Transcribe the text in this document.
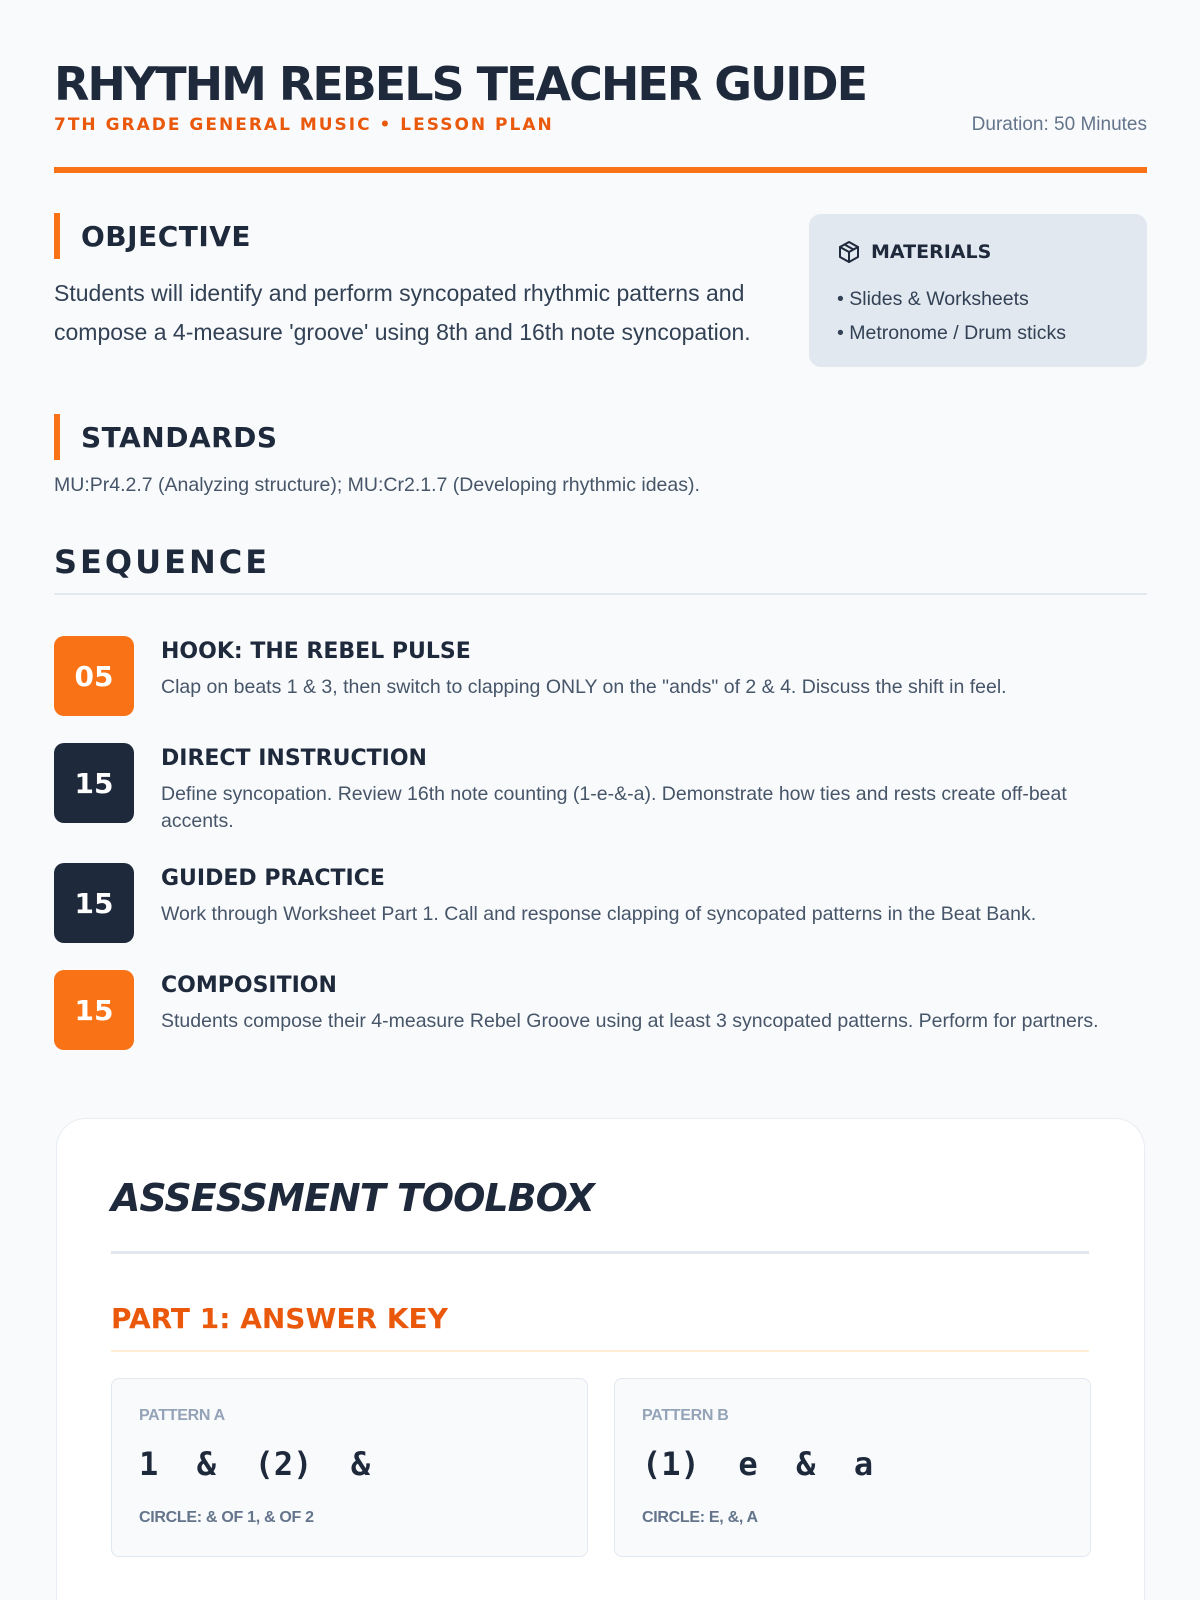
RHYTHM REBELS TEACHER GUIDE
7TH GRADE GENERAL MUSIC • LESSON PLAN	Duration: 50 Minutes
OBJECTIVE
Students will identify and perform syncopated rhythmic patterns and compose a 4-measure 'groove' using 8th and 16th note syncopation.
MATERIALS
• Slides & Worksheets
• Metronome / Drum sticks
STANDARDS
MU:Pr4.2.7 (Analyzing structure); MU:Cr2.1.7 (Developing rhythmic ideas).
SEQUENCE
05
HOOK: THE REBEL PULSE
Clap on beats 1 & 3, then switch to clapping ONLY on the "ands" of 2 & 4. Discuss the shift in feel.
15
DIRECT INSTRUCTION
Define syncopation. Review 16th note counting (1-e-&-a). Demonstrate how ties and rests create off-beat accents.
15
GUIDED PRACTICE
Work through Worksheet Part 1. Call and response clapping of syncopated patterns in the Beat Bank.
15
COMPOSITION
Students compose their 4-measure Rebel Groove using at least 3 syncopated patterns. Perform for partners.
ASSESSMENT TOOLBOX
PART 1: ANSWER KEY
PATTERN A
1  &  (2)  &
CIRCLE: & OF 1, & OF 2
PATTERN B
(1)  e  &  a
CIRCLE: E, &, A
